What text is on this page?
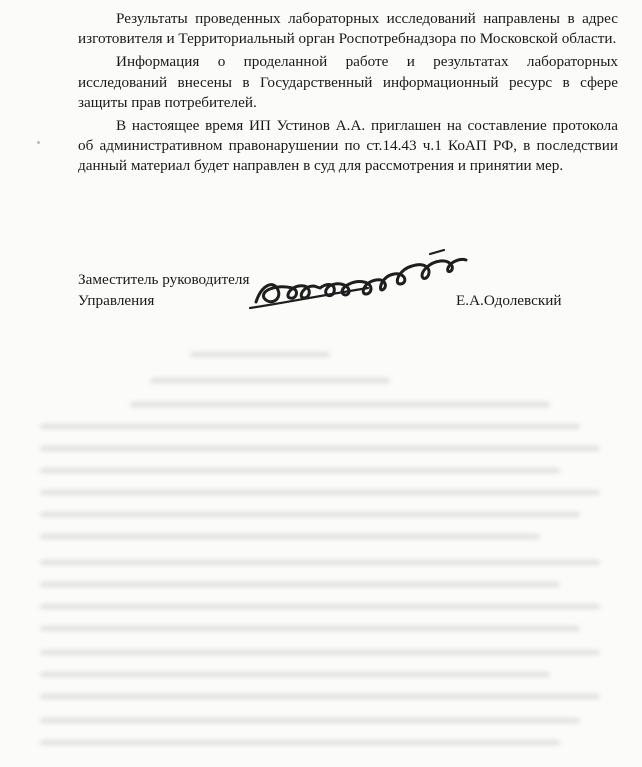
Результаты проведенных лабораторных исследований направлены в адрес изготовителя и Территориальный орган Роспотребнадзора по Московской области.

Информация о проделанной работе и результатах лабораторных исследований внесены в Государственный информационный ресурс в сфере защиты прав потребителей.

В настоящее время ИП Устинов А.А. приглашен на составление протокола об административном правонарушении по ст.14.43 ч.1 КоАП РФ, в последствии данный материал будет направлен в суд для рассмотрения и принятии мер.

Заместитель руководителя
Управления	Е.А.Одолевский
